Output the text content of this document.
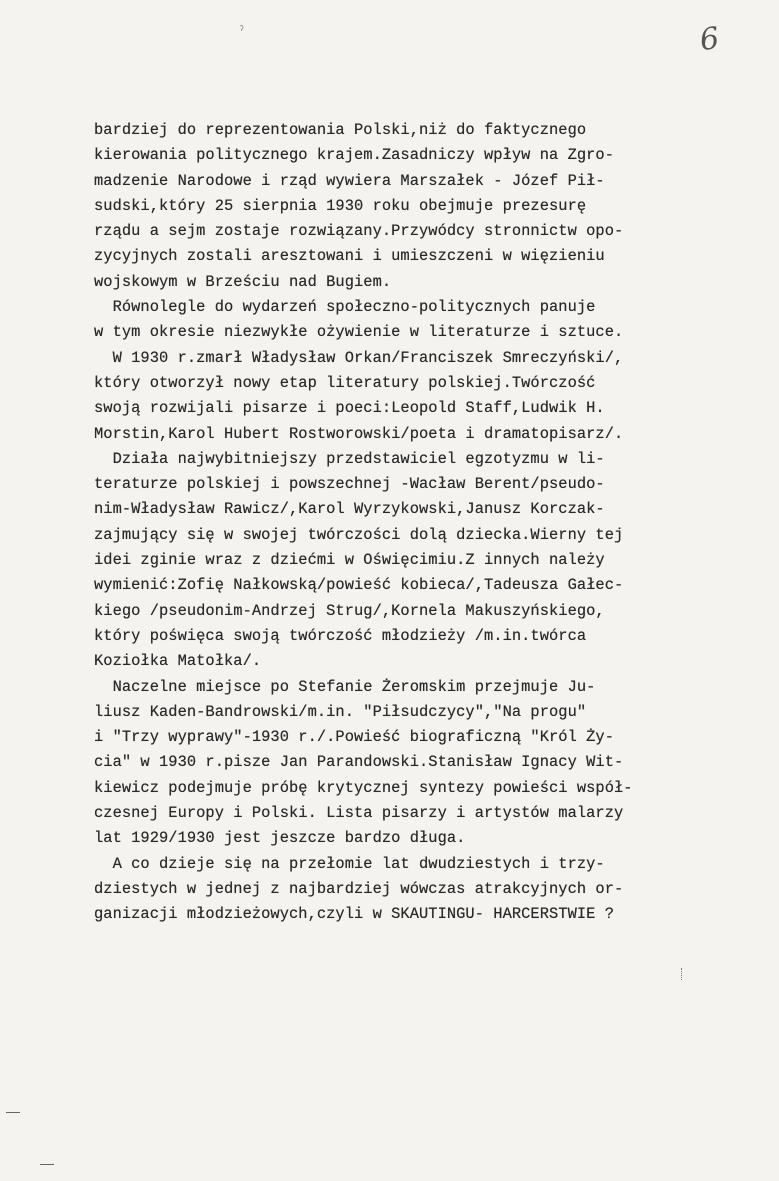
6
ˀ
bardziej do reprezentowania Polski,niż do faktycznego
kierowania politycznego krajem.Zasadniczy wpływ na Zgro-
madzenie Narodowe i rząd wywiera Marszałek - Józef Pił-
sudski,który 25 sierpnia 1930 roku obejmuje prezesurę
rządu a sejm zostaje rozwiązany.Przywódcy stronnictw opo-
zycyjnych zostali aresztowani i umieszczeni w więzieniu
wojskowym w Brześciu nad Bugiem.
Równolegle do wydarzeń społeczno-politycznych panuje
w tym okresie niezwykłe ożywienie w literaturze i sztuce.
W 1930 r.zmarł Władysław Orkan/Franciszek Smreczyński/,
który otworzył nowy etap literatury polskiej.Twórczość
swoją rozwijali pisarze i poeci:Leopold Staff,Ludwik H.
Morstin,Karol Hubert Rostworowski/poeta i dramatopisarz/.
Działa najwybitniejszy przedstawiciel egzotyzmu w li-
teraturze polskiej i powszechnej -Wacław Berent/pseudo-
nim-Władysław Rawicz/,Karol Wyrzykowski,Janusz Korczak-
zajmujący się w swojej twórczości dolą dziecka.Wierny tej
idei zginie wraz z dziećmi w Oświęcimiu.Z innych należy
wymienić:Zofię Nałkowską/powieść kobieca/,Tadeusza Gałec-
kiego /pseudonim-Andrzej Strug/,Kornela Makuszyńskiego,
który poświęca swoją twórczość młodzieży /m.in.twórca
Koziołka Matołka/.
Naczelne miejsce po Stefanie Żeromskim przejmuje Ju-
liusz Kaden-Bandrowski/m.in. "Piłsudczycy","Na progu"
i "Trzy wyprawy"-1930 r./.Powieść biograficzną "Król Ży-
cia" w 1930 r.pisze Jan Parandowski.Stanisław Ignacy Wit-
kiewicz podejmuje próbę krytycznej syntezy powieści współ-
czesnej Europy i Polski. Lista pisarzy i artystów malarzy
lat 1929/1930 jest jeszcze bardzo długa.
A co dzieje się na przełomie lat dwudziestych i trzy-
dziestych w jednej z najbardziej wówczas atrakcyjnych or-
ganizacji młodzieżowych,czyli w SKAUTINGU- HARCERSTWIE ?
